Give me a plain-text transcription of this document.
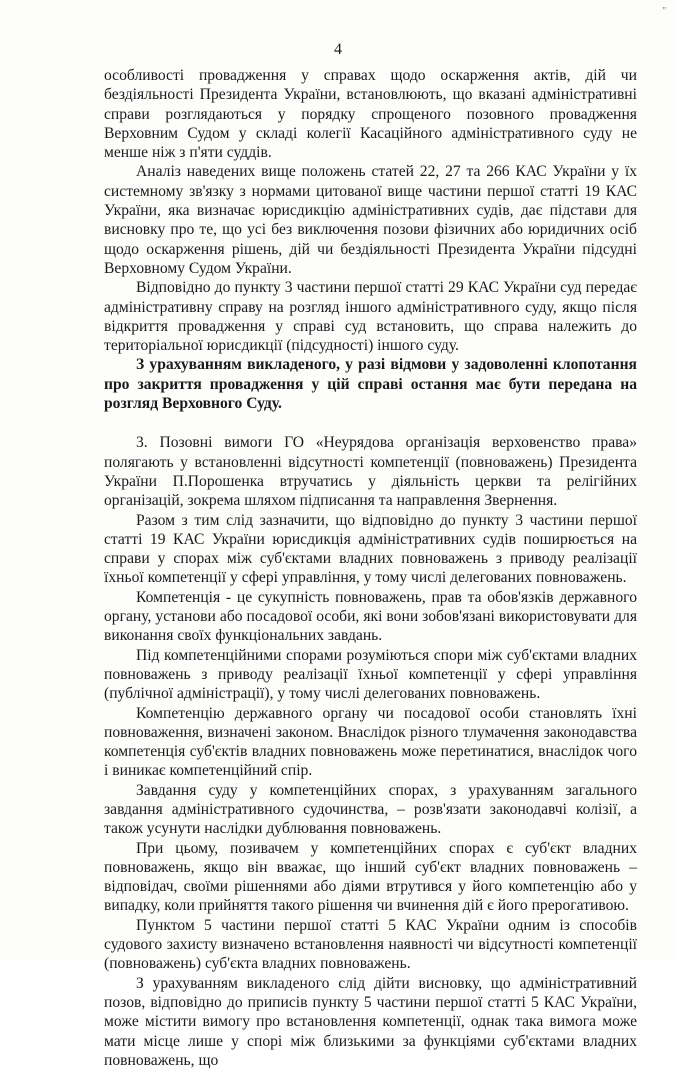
''
4

особливості провадження у справах щодо оскарження актів, дій чи бездіяльності Президента України, встановлюють, що вказані адміністративні справи розглядаються у порядку спрощеного позовного провадження Верховним Судом у складі колегії Касаційного адміністративного суду не менше ніж з п'яти суддів.

Аналіз наведених вище положень статей 22, 27 та 266 КАС України у їх системному зв'язку з нормами цитованої вище частини першої статті 19 КАС України, яка визначає юрисдикцію адміністративних судів, дає підстави для висновку про те, що усі без виключення позови фізичних або юридичних осіб щодо оскарження рішень, дій чи бездіяльності Президента України підсудні Верховному Судом України.

Відповідно до пункту 3 частини першої статті 29 КАС України суд передає адміністративну справу на розгляд іншого адміністративного суду, якщо після відкриття провадження у справі суд встановить, що справа належить до територіальної юрисдикції (підсудності) іншого суду.

З урахуванням викладеного, у разі відмови у задоволенні клопотання про закриття провадження у цій справі остання має бути передана на розгляд Верховного Суду.

3. Позовні вимоги ГО «Неурядова організація верховенство права» полягають у встановленні відсутності компетенції (повноважень) Президента України П.Порошенка втручатись у діяльність церкви та релігійних організацій, зокрема шляхом підписання та направлення Звернення.

Разом з тим слід зазначити, що відповідно до пункту 3 частини першої статті 19 КАС України юрисдикція адміністративних судів поширюється на справи у спорах між суб'єктами владних повноважень з приводу реалізації їхньої компетенції у сфері управління, у тому числі делегованих повноважень.

Компетенція - це сукупність повноважень, прав та обов'язків державного органу, установи або посадової особи, які вони зобов'язані використовувати для виконання своїх функціональних завдань.

Під компетенційними спорами розуміються спори між суб'єктами владних повноважень з приводу реалізації їхньої компетенції у сфері управління (публічної адміністрації), у тому числі делегованих повноважень.

Компетенцію державного органу чи посадової особи становлять їхні повноваження, визначені законом. Внаслідок різного тлумачення законодавства компетенція суб'єктів владних повноважень може перетинатися, внаслідок чого і виникає компетенційний спір.

Завдання суду у компетенційних спорах, з урахуванням загального завдання адміністративного судочинства, – розв'язати законодавчі колізії, а також усунути наслідки дублювання повноважень.

При цьому, позивачем у компетенційних спорах є суб'єкт владних повноважень, якщо він вважає, що інший суб'єкт владних повноважень – відповідач, своїми рішеннями або діями втрутився у його компетенцію або у випадку, коли прийняття такого рішення чи вчинення дій є його прерогативою.

Пунктом 5 частини першої статті 5 КАС України одним із способів судового захисту визначено встановлення наявності чи відсутності компетенції (повноважень) суб'єкта владних повноважень.

З урахуванням викладеного слід дійти висновку, що адміністративний позов, відповідно до приписів пункту 5 частини першої статті 5 КАС України, може містити вимогу про встановлення компетенції, однак така вимога може мати місце лише у спорі між близькими за функціями суб'єктами владних повноважень, що
